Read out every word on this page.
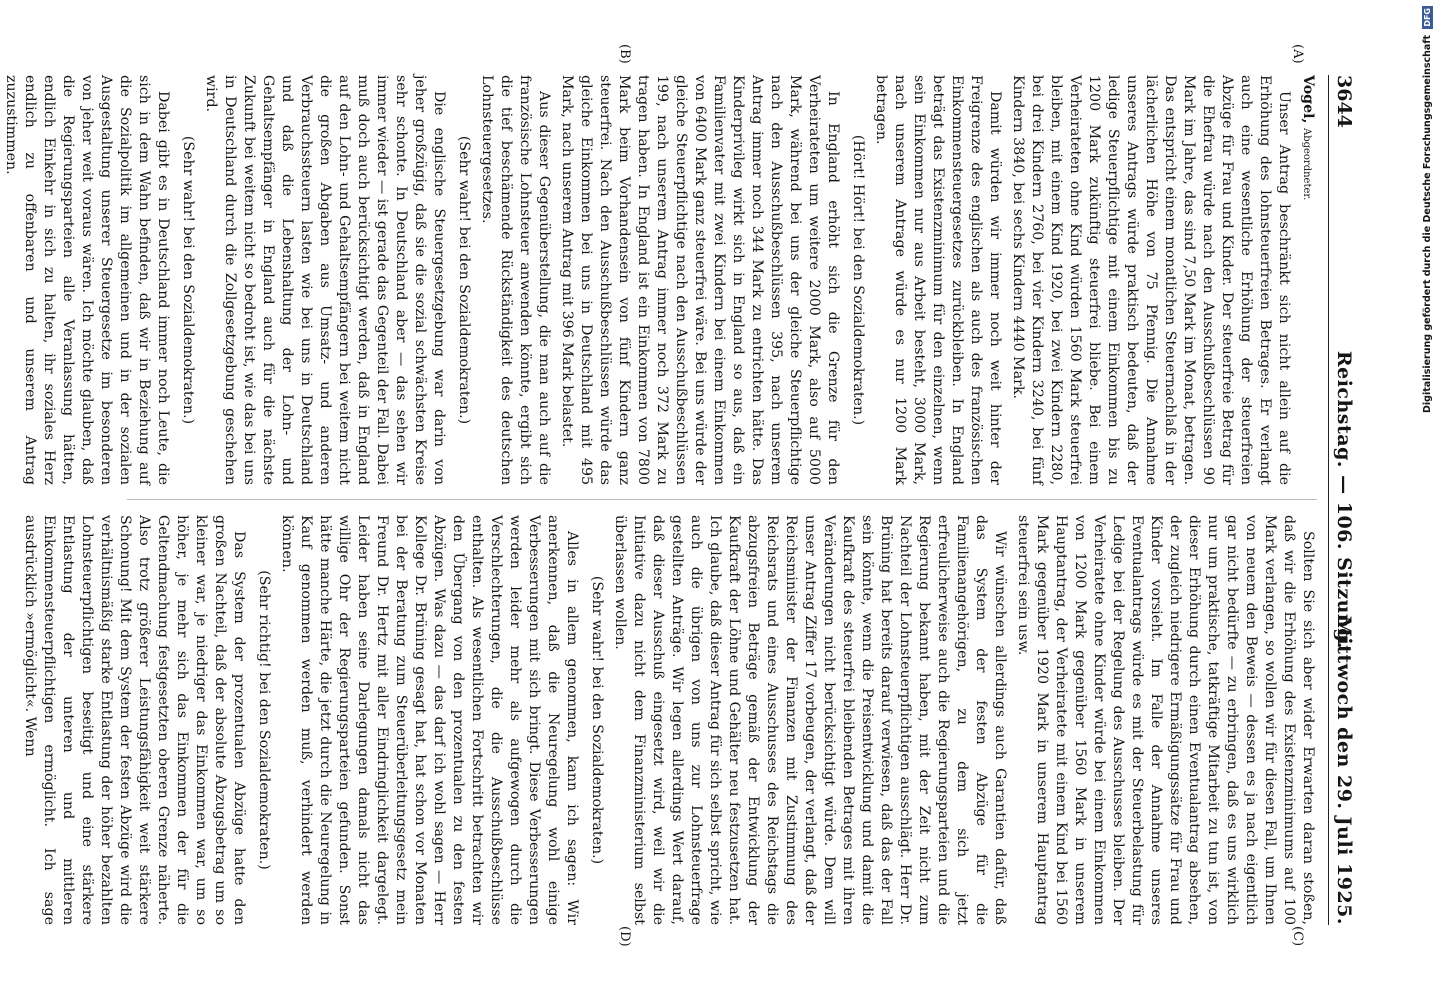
3644
Reichstag. — 106. Sitzung.
Mittwoch den 29. Juli 1925.
(A)
(B)
(C)
(D)

Vogel, Abgeordneter.

Unser Antrag beschränkt sich nicht allein auf die Erhöhung des lohnsteuerfreien Betrages. Er verlangt auch eine wesentliche Erhöhung der steuerfreien Abzüge für Frau und Kinder. Der steuerfreie Betrag für die Ehefrau würde nach den Ausschußbeschlüssen 90 Mark im Jahre, das sind 7,50 Mark im Monat, betragen. Das entspricht einem monatlichen Steuernachlaß in der lächerlichen Höhe von 75 Pfennig. Die Annahme unseres Antrags würde praktisch bedeuten, daß der ledige Steuerpflichtige mit einem Einkommen bis zu 1200 Mark zukünftig steuerfrei bliebe. Bei einem Verheirateten ohne Kind würden 1560 Mark steuerfrei bleiben, mit einem Kind 1920, bei zwei Kindern 2280, bei drei Kindern 2760, bei vier Kindern 3240, bei fünf Kindern 3840, bei sechs Kindern 4440 Mark.

Damit würden wir immer noch weit hinter der Freigrenze des englischen als auch des französischen Einkommensteuergesetzes zurückbleiben. In England beträgt das Existenzminimum für den einzelnen, wenn sein Einkommen nur aus Arbeit besteht, 3000 Mark, nach unserem Antrage würde es nur 1200 Mark betragen.

(Hört! Hört! bei den Sozialdemokraten.)

In England erhöht sich die Grenze für den Verheirateten um weitere 2000 Mark, also auf 5000 Mark, während bei uns der gleiche Steuerpflichtige nach den Ausschußbeschlüssen 395, nach unserem Antrag immer noch 344 Mark zu entrichten hätte. Das Kinderprivileg wirkt sich in England so aus, daß ein Familienvater mit zwei Kindern bei einem Einkommen von 6400 Mark ganz steuerfrei wäre. Bei uns würde der gleiche Steuerpflichtige nach den Ausschußbeschlüssen 199, nach unserem Antrag immer noch 372 Mark zu tragen haben. In England ist ein Einkommen von 7800 Mark beim Vorhandensein von fünf Kindern ganz steuerfrei. Nach den Ausschußbeschlüssen würde das gleiche Einkommen bei uns in Deutschland mit 495 Mark, nach unserem Antrag mit 396 Mark belastet.

Aus dieser Gegenüberstellung, die man auch auf die französische Lohnsteuer anwenden könnte, ergibt sich die tief beschämende Rückständigkeit des deutschen Lohnsteuergesetzes.

(Sehr wahr! bei den Sozialdemokraten.)

Die englische Steuergesetzgebung war darin von jeher großzügig, daß sie die sozial schwächsten Kreise sehr schonte. In Deutschland aber — das sehen wir immer wieder — ist gerade das Gegenteil der Fall. Dabei muß doch auch berücksichtigt werden, daß in England auf den Lohn- und Gehaltsempfängern bei weitem nicht die großen Abgaben aus Umsatz- und anderen Verbrauchssteuern lasten wie bei uns in Deutschland und daß die Lebenshaltung der Lohn- und Gehaltsempfänger in England auch für die nächste Zukunft bei weitem nicht so bedroht ist, wie das bei uns in Deutschland durch die Zollgesetzgebung geschehen wird.

(Sehr wahr! bei den Sozialdemokraten.)

Dabei gibt es in Deutschland immer noch Leute, die sich in dem Wahn befinden, daß wir in Beziehung auf die Sozialpolitik im allgemeinen und in der sozialen Ausgestaltung unserer Steuergesetze im besonderen von jeher weit voraus wären. Ich möchte glauben, daß die Regierungsparteien alle Veranlassung hätten, endlich Einkehr in sich zu halten, ihr soziales Herz endlich zu offenbaren und unserem Antrag zuzustimmen.

Sollten Sie sich aber wider Erwarten daran stoßen, daß wir die Erhöhung des Existenzminimums auf 100 Mark verlangen, so wollen wir für diesen Fall, um Ihnen von neuem den Beweis — dessen es ja nach eigentlich gar nicht bedürfte — zu erbringen, daß es uns wirklich nur um praktische, tatkräftige Mitarbeit zu tun ist, von dieser Erhöhung durch einen Eventualantrag absehen, der zugleich niedrigere Ermäßigungssätze für Frau und Kinder vorsieht. Im Falle der Annahme unseres Eventualantrags würde es mit der Steuerbelastung für Ledige bei der Regelung des Ausschusses bleiben. Der Verheiratete ohne Kinder würde bei einem Einkommen von 1200 Mark gegenüber 1560 Mark in unserem Hauptantrag, der Verheiratete mit einem Kind bei 1560 Mark gegenüber 1920 Mark in unserem Hauptantrag steuerfrei sein usw.

Wir wünschen allerdings auch Garantien dafür, daß das System der festen Abzüge für die Familienangehörigen, zu dem sich jetzt erfreulicherweise auch die Regierungsparteien und die Regierung bekannt haben, mit der Zeit nicht zum Nachteil der Lohnsteuerpflichtigen ausschlägt. Herr Dr. Brüning hat bereits darauf verwiesen, daß das der Fall sein könnte, wenn die Preisentwicklung und damit die Kaufkraft des steuerfrei bleibenden Betrages mit ihren Veränderungen nicht berücksichtigt würde. Dem will unser Antrag Ziffer 17 vorbeugen, der verlangt, daß der Reichsminister der Finanzen mit Zustimmung des Reichsrats und eines Ausschusses des Reichstags die abzugsfreien Beträge gemäß der Entwicklung der Kaufkraft der Löhne und Gehälter neu festzusetzen hat. Ich glaube, daß dieser Antrag für sich selbst spricht, wie auch die übrigen von uns zur Lohnsteuerfrage gestellten Anträge. Wir legen allerdings Wert darauf, daß dieser Ausschuß eingesetzt wird, weil wir die Initiative dazu nicht dem Finanzministerium selbst überlassen wollen.

(Sehr wahr! bei den Sozialdemokraten.)

Alles in allem genommen, kann ich sagen: Wir anerkennen, daß die Neuregelung wohl einige Verbesserungen mit sich bringt. Diese Verbesserungen werden leider mehr als aufgewogen durch die Verschlechterungen, die die Ausschußbeschlüsse enthalten. Als wesentlichen Fortschritt betrachten wir den Übergang von den prozentualen zu den festen Abzügen. Was dazu — das darf ich wohl sagen — Herr Kollege Dr. Brüning gesagt hat, hat schon vor Monaten bei der Beratung zum Steuerüberleitungsgesetz mein Freund Dr. Hertz mit aller Eindringlichkeit dargelegt. Leider haben seine Darlegungen damals nicht das willige Ohr der Regierungsparteien gefunden. Sonst hätte manche Härte, die jetzt durch die Neuregelung in Kauf genommen werden muß, verhindert werden können.

(Sehr richtig! bei den Sozialdemokraten.)

Das System der prozentualen Abzüge hatte den großen Nachteil, daß der absolute Abzugsbetrag um so kleiner war, je niedriger das Einkommen war, um so höher, je mehr sich das Einkommen der für die Geltendmachung festgesetzten oberen Grenze näherte. Also trotz größerer Leistungsfähigkeit weit stärkere Schonung! Mit dem System der festen Abzüge wird die verhältnismäßig starke Entlastung der höher bezahlten Lohnsteuerpflichtigen beseitigt und eine stärkere Entlastung der unteren und mittleren Einkommensteuerpflichtigen ermöglicht. Ich sage ausdrücklich »ermöglicht«. Wenn

Digitalisierung gefördert durch die Deutsche Forschungsgemeinschaft DFG
